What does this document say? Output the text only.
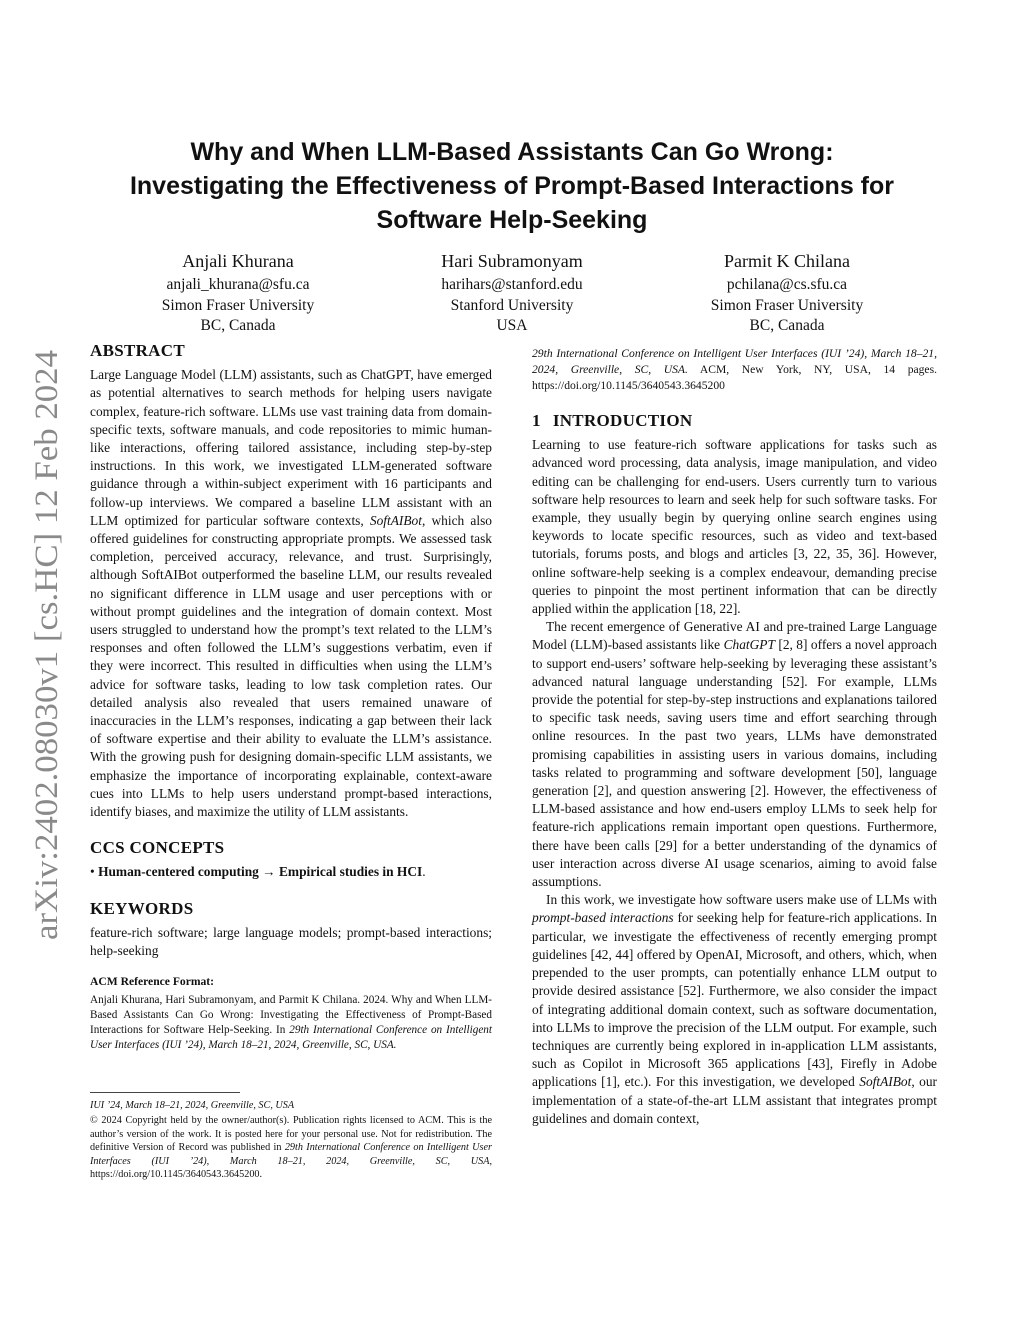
arXiv:2402.08030v1 [cs.HC] 12 Feb 2024
Why and When LLM-Based Assistants Can Go Wrong:
Investigating the Effectiveness of Prompt-Based Interactions for
Software Help-Seeking
Anjali Khurana
anjali_khurana@sfu.ca
Simon Fraser University
BC, Canada
Hari Subramonyam
harihars@stanford.edu
Stanford University
USA
Parmit K Chilana
pchilana@cs.sfu.ca
Simon Fraser University
BC, Canada
ABSTRACT

Large Language Model (LLM) assistants, such as ChatGPT, have emerged as potential alternatives to search methods for helping users navigate complex, feature-rich software. LLMs use vast training data from domain-specific texts, software manuals, and code repositories to mimic human-like interactions, offering tailored assistance, including step-by-step instructions. In this work, we investigated LLM-generated software guidance through a within-subject experiment with 16 participants and follow-up interviews. We compared a baseline LLM assistant with an LLM optimized for particular software contexts, SoftAIBot, which also offered guidelines for constructing appropriate prompts. We assessed task completion, perceived accuracy, relevance, and trust. Surprisingly, although SoftAIBot outperformed the baseline LLM, our results revealed no significant difference in LLM usage and user perceptions with or without prompt guidelines and the integration of domain context. Most users struggled to understand how the prompt’s text related to the LLM’s responses and often followed the LLM’s suggestions verbatim, even if they were incorrect. This resulted in difficulties when using the LLM’s advice for software tasks, leading to low task completion rates. Our detailed analysis also revealed that users remained unaware of inaccuracies in the LLM’s responses, indicating a gap between their lack of software expertise and their ability to evaluate the LLM’s assistance. With the growing push for designing domain-specific LLM assistants, we emphasize the importance of incorporating explainable, context-aware cues into LLMs to help users understand prompt-based interactions, identify biases, and maximize the utility of LLM assistants.

CCS CONCEPTS

• Human-centered computing → Empirical studies in HCI.

KEYWORDS

feature-rich software; large language models; prompt-based interactions; help-seeking

ACM Reference Format:

Anjali Khurana, Hari Subramonyam, and Parmit K Chilana. 2024. Why and When LLM-Based Assistants Can Go Wrong: Investigating the Effectiveness of Prompt-Based Interactions for Software Help-Seeking. In 29th International Conference on Intelligent User Interfaces (IUI ’24), March 18–21, 2024, Greenville, SC, USA.

IUI ’24, March 18–21, 2024, Greenville, SC, USA

© 2024 Copyright held by the owner/author(s). Publication rights licensed to ACM. This is the author’s version of the work. It is posted here for your personal use. Not for redistribution. The definitive Version of Record was published in 29th International Conference on Intelligent User Interfaces (IUI ’24), March 18–21, 2024, Greenville, SC, USA, https://doi.org/10.1145/3640543.3645200.

29th International Conference on Intelligent User Interfaces (IUI ’24), March 18–21, 2024, Greenville, SC, USA. ACM, New York, NY, USA, 14 pages. https://doi.org/10.1145/3640543.3645200

1 INTRODUCTION

Learning to use feature-rich software applications for tasks such as advanced word processing, data analysis, image manipulation, and video editing can be challenging for end-users. Users currently turn to various software help resources to learn and seek help for such software tasks. For example, they usually begin by querying online search engines using keywords to locate specific resources, such as video and text-based tutorials, forums posts, and blogs and articles [3, 22, 35, 36]. However, online software-help seeking is a complex endeavour, demanding precise queries to pinpoint the most pertinent information that can be directly applied within the application [18, 22].

The recent emergence of Generative AI and pre-trained Large Language Model (LLM)-based assistants like ChatGPT [2, 8] offers a novel approach to support end-users’ software help-seeking by leveraging these assistant’s advanced natural language understanding [52]. For example, LLMs provide the potential for step-by-step instructions and explanations tailored to specific task needs, saving users time and effort searching through online resources. In the past two years, LLMs have demonstrated promising capabilities in assisting users in various domains, including tasks related to programming and software development [50], language generation [2], and question answering [2]. However, the effectiveness of LLM-based assistance and how end-users employ LLMs to seek help for feature-rich applications remain important open questions. Furthermore, there have been calls [29] for a better understanding of the dynamics of user interaction across diverse AI usage scenarios, aiming to avoid false assumptions.

In this work, we investigate how software users make use of LLMs with prompt-based interactions for seeking help for feature-rich applications. In particular, we investigate the effectiveness of recently emerging prompt guidelines [42, 44] offered by OpenAI, Microsoft, and others, which, when prepended to the user prompts, can potentially enhance LLM output to provide desired assistance [52]. Furthermore, we also consider the impact of integrating additional domain context, such as software documentation, into LLMs to improve the precision of the LLM output. For example, such techniques are currently being explored in in-application LLM assistants, such as Copilot in Microsoft 365 applications [43], Firefly in Adobe applications [1], etc.). For this investigation, we developed SoftAIBot, our implementation of a state-of-the-art LLM assistant that integrates prompt guidelines and domain context,
